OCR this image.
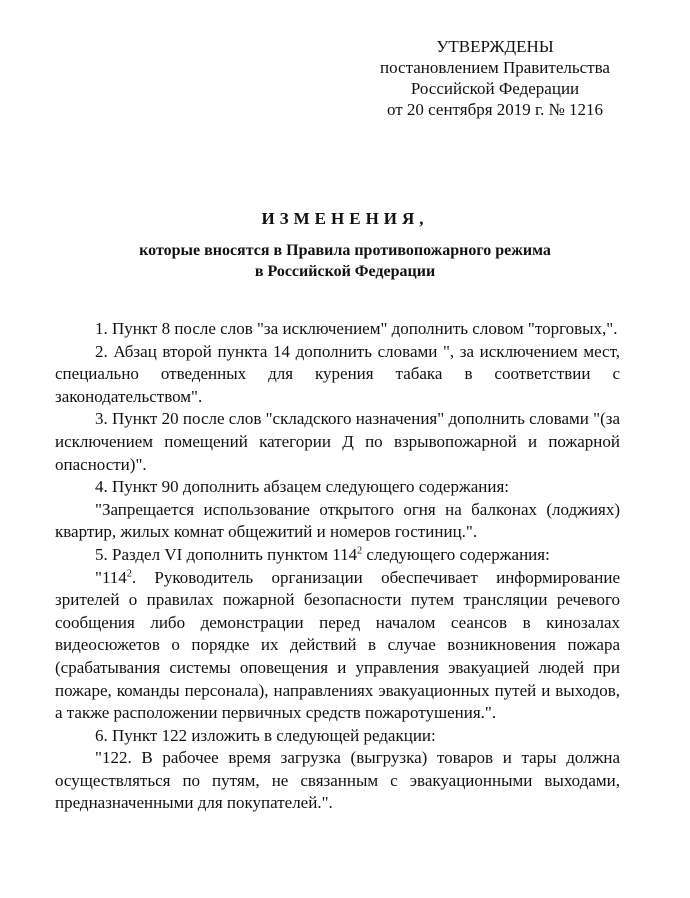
УТВЕРЖДЕНЫ
постановлением Правительства
Российской Федерации
от 20 сентября 2019 г. № 1216
ИЗМЕНЕНИЯ,
которые вносятся в Правила противопожарного режима
в Российской Федерации

1. Пункт 8 после слов "за исключением" дополнить словом "торговых,".

2. Абзац второй пункта 14 дополнить словами ", за исключением мест, специально отведенных для курения табака в соответствии с законодательством".

3. Пункт 20 после слов "складского назначения" дополнить словами "(за исключением помещений категории Д по взрывопожарной и пожарной опасности)".

4. Пункт 90 дополнить абзацем следующего содержания:

"Запрещается использование открытого огня на балконах (лоджиях) квартир, жилых комнат общежитий и номеров гостиниц.".

5. Раздел VI дополнить пунктом $114^2$ следующего содержания:

"$114^2$. Руководитель организации обеспечивает информирование зрителей о правилах пожарной безопасности путем трансляции речевого сообщения либо демонстрации перед началом сеансов в кинозалах видеосюжетов о порядке их действий в случае возникновения пожара (срабатывания системы оповещения и управления эвакуацией людей при пожаре, команды персонала), направлениях эвакуационных путей и выходов, а также расположении первичных средств пожаротушения.".

6. Пункт 122 изложить в следующей редакции:

"122. В рабочее время загрузка (выгрузка) товаров и тары должна осуществляться по путям, не связанным с эвакуационными выходами, предназначенными для покупателей.".
